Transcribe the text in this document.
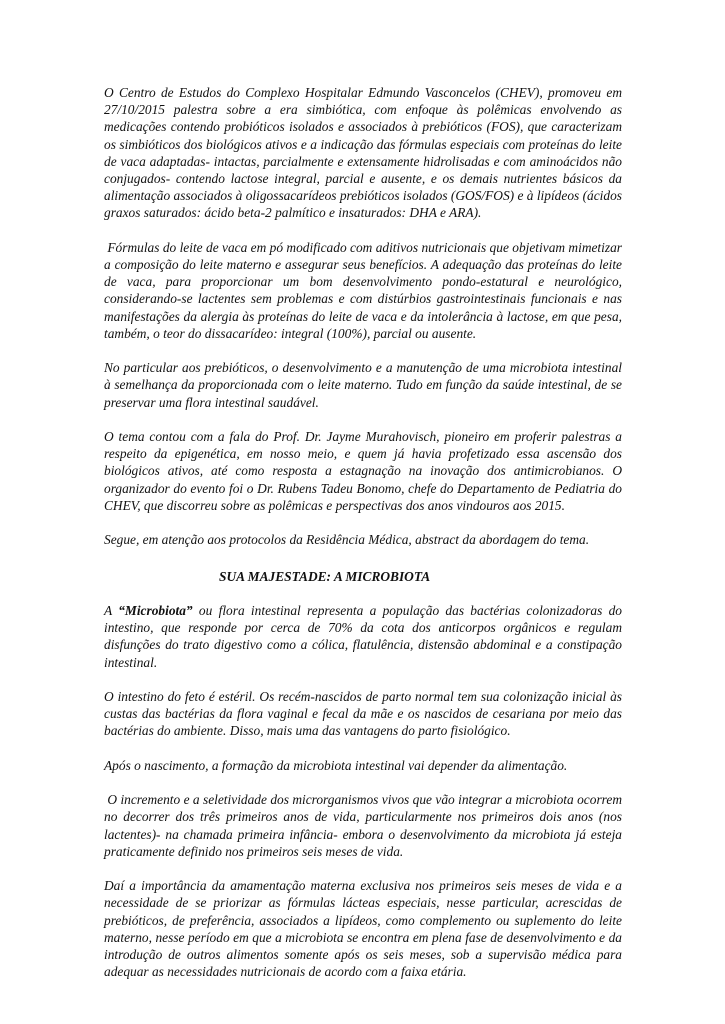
O Centro de Estudos do Complexo Hospitalar Edmundo Vasconcelos (CHEV), promoveu em 27/10/2015 palestra sobre a era simbiótica, com enfoque às polêmicas envolvendo as medicações contendo probióticos isolados e associados à prebióticos (FOS), que caracterizam os simbióticos dos biológicos ativos e a indicação das fórmulas especiais com proteínas do leite de vaca adaptadas- intactas, parcialmente e extensamente hidrolisadas e com aminoácidos não conjugados- contendo lactose integral, parcial e ausente, e os demais nutrientes básicos da alimentação associados à oligossacarídeos prebióticos isolados (GOS/FOS) e à lipídeos (ácidos graxos saturados: ácido beta-2 palmítico e insaturados: DHA e ARA).

Fórmulas do leite de vaca em pó modificado com aditivos nutricionais que objetivam mimetizar a composição do leite materno e assegurar seus benefícios. A adequação das proteínas do leite de vaca, para proporcionar um bom desenvolvimento pondo-estatural e neurológico, considerando-se lactentes sem problemas e com distúrbios gastrointestinais funcionais e nas manifestações da alergia às proteínas do leite de vaca e da intolerância à lactose, em que pesa, também, o teor do dissacarídeo: integral (100%), parcial ou ausente.

No particular aos prebióticos, o desenvolvimento e a manutenção de uma microbiota intestinal à semelhança da proporcionada com o leite materno. Tudo em função da saúde intestinal, de se preservar uma flora intestinal saudável.

O tema contou com a fala do Prof. Dr. Jayme Murahovisch, pioneiro em proferir palestras a respeito da epigenética, em nosso meio, e quem já havia profetizado essa ascensão dos biológicos ativos, até como resposta a estagnação na inovação dos antimicrobianos. O organizador do evento foi o Dr. Rubens Tadeu Bonomo, chefe do Departamento de Pediatria do CHEV, que discorreu sobre as polêmicas e perspectivas dos anos vindouros aos 2015.

Segue, em atenção aos protocolos da Residência Médica, abstract da abordagem do tema.

SUA MAJESTADE: A MICROBIOTA

A “Microbiota” ou flora intestinal representa a população das bactérias colonizadoras do intestino, que responde por cerca de 70% da cota dos anticorpos orgânicos e regulam disfunções do trato digestivo como a cólica, flatulência, distensão abdominal e a constipação intestinal.

O intestino do feto é estéril. Os recém-nascidos de parto normal tem sua colonização inicial às custas das bactérias da flora vaginal e fecal da mãe e os nascidos de cesariana por meio das bactérias do ambiente. Disso, mais uma das vantagens do parto fisiológico.

Após o nascimento, a formação da microbiota intestinal vai depender da alimentação.

O incremento e a seletividade dos microrganismos vivos que vão integrar a microbiota ocorrem no decorrer dos três primeiros anos de vida, particularmente nos primeiros dois anos (nos lactentes)- na chamada primeira infância- embora o desenvolvimento da microbiota já esteja praticamente definido nos primeiros seis meses de vida.

Daí a importância da amamentação materna exclusiva nos primeiros seis meses de vida e a necessidade de se priorizar as fórmulas lácteas especiais, nesse particular, acrescidas de prebióticos, de preferência, associados a lipídeos, como complemento ou suplemento do leite materno, nesse período em que a microbiota se encontra em plena fase de desenvolvimento e da introdução de outros alimentos somente após os seis meses, sob a supervisão médica para adequar as necessidades nutricionais de acordo com a faixa etária.
